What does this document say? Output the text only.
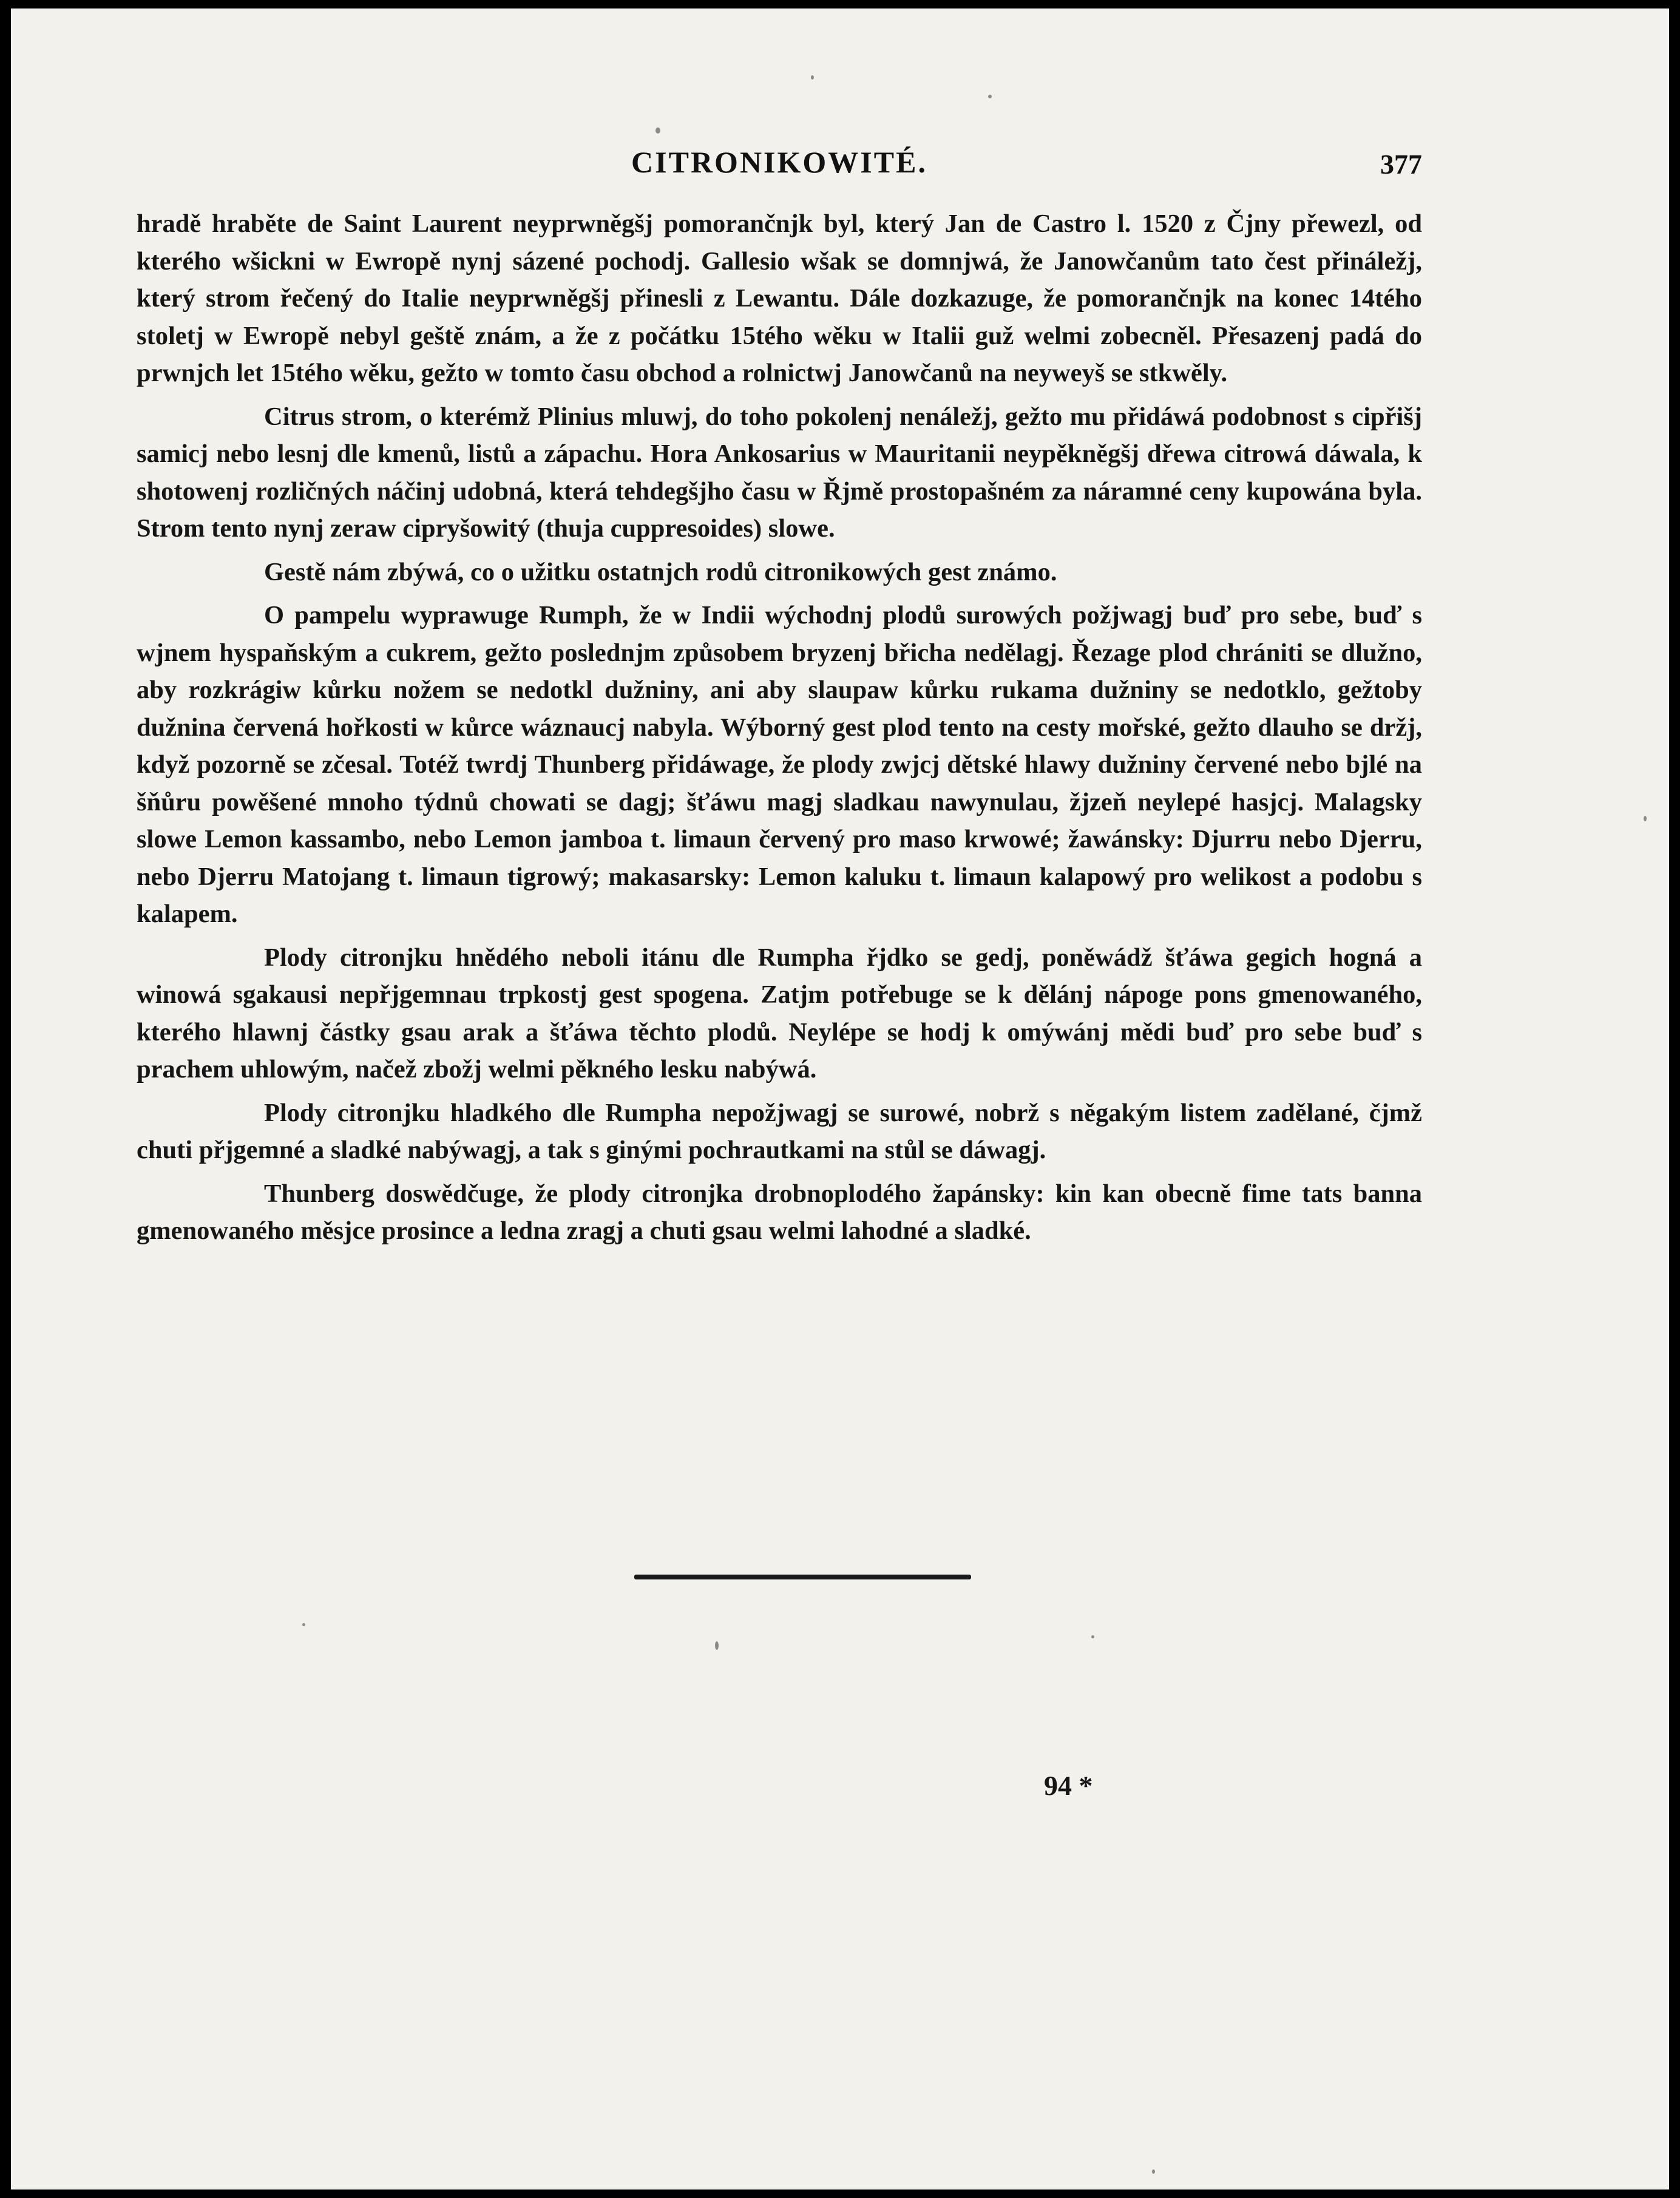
CITRONIKOWITÉ.	377

hradě hraběte de Saint Laurent neyprwněgšj pomorančnjk byl, který Jan de Castro l. 1520 z Čjny přewezl, od kterého wšickni w Ewropě nynj sázené pochodj. Gallesio wšak se domnjwá, že Janowčanům tato čest přináležj, který strom řečený do Italie neyprwněgšj přinesli z Lewantu. Dále dozkazuge, že pomorančnjk na konec 14tého stoletj w Ewropě nebyl geště znám, a že z počátku 15tého wěku w Italii guž welmi zobecněl. Přesazenj padá do prwnjch let 15tého wěku, gežto w tomto času obchod a rolnictwj Janowčanů na neyweyš se stkwěly.

Citrus strom, o kterémž Plinius mluwj, do toho pokolenj nenáležj, gežto mu přidáwá podobnost s cipřišj samicj nebo lesnj dle kmenů, listů a zápachu. Hora Ankosarius w Mauritanii neypěkněgšj dřewa citrowá dáwala, k shotowenj rozličných náčinj udobná, která tehdegšjho času w Řjmě prostopašném za náramné ceny kupowána byla. Strom tento nynj zeraw cipryšowitý (thuja cuppresoides) slowe.

Gestě nám zbýwá, co o užitku ostatnjch rodů citronikowých gest známo.

O pampelu wyprawuge Rumph, že w Indii wýchodnj plodů surowých požjwagj buď pro sebe, buď s wjnem hyspaňským a cukrem, gežto poslednjm způsobem bryzenj břicha nedělagj. Řezage plod chrániti se dlužno, aby rozkrágiw kůrku nožem se nedotkl dužniny, ani aby slaupaw kůrku rukama dužniny se nedotklo, gežtoby dužnina červená hořkosti w kůrce wáznaucj nabyla. Wýborný gest plod tento na cesty mořské, gežto dlauho se držj, když pozorně se zčesal. Totéž twrdj Thunberg přidáwage, že plody zwjcj dětské hlawy dužniny červené nebo bjlé na šňůru powěšené mnoho týdnů chowati se dagj; šťáwu magj sladkau nawynulau, žjzeň neylepé hasjcj. Malagsky slowe Lemon kassambo, nebo Lemon jamboa t. limaun červený pro maso krwowé; žawánsky: Djurru nebo Djerru, nebo Djerru Matojang t. limaun tigrowý; makasarsky: Lemon kaluku t. limaun kalapowý pro welikost a podobu s kalapem.

Plody citronjku hnědého neboli itánu dle Rumpha řjdko se gedj, poněwádž šťáwa gegich hogná a winowá sgakausi nepřjgemnau trpkostj gest spogena. Zatjm potřebuge se k dělánj nápoge pons gmenowaného, kterého hlawnj částky gsau arak a šťáwa těchto plodů. Neylépe se hodj k omýwánj mědi buď pro sebe buď s prachem uhlowým, načež zbožj welmi pěkného lesku nabýwá.

Plody citronjku hladkého dle Rumpha nepožjwagj se surowé, nobrž s něgakým listem zadělané, čjmž chuti přjgemné a sladké nabýwagj, a tak s ginými pochrautkami na stůl se dáwagj.

Thunberg doswědčuge, že plody citronjka drobnoplodého žapánsky: kin kan obecně fime tats banna gmenowaného měsjce prosince a ledna zragj a chuti gsau welmi lahodné a sladké.

94 *
